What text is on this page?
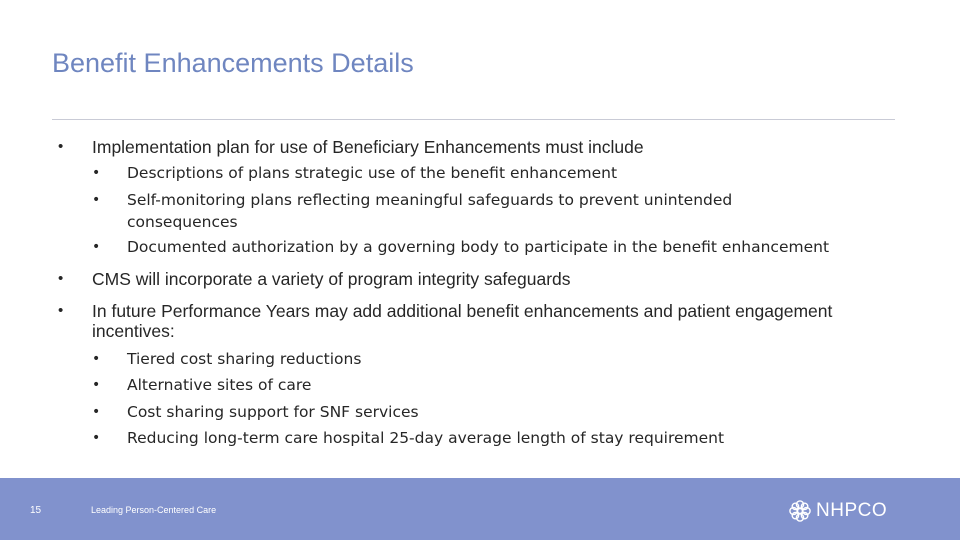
Benefit Enhancements Details
• Implementation plan for use of Beneficiary Enhancements must include
• Descriptions of plans strategic use of the benefit enhancement
• Self-monitoring plans reflecting meaningful safeguards to prevent unintended consequences
• Documented authorization by a governing body to participate in the benefit enhancement
• CMS will incorporate a variety of program integrity safeguards
• In future Performance Years may add additional benefit enhancements and patient engagement incentives:
• Tiered cost sharing reductions
• Alternative sites of care
• Cost sharing support for SNF services
• Reducing long-term care hospital 25-day average length of stay requirement
15	Leading Person-Centered Care	NHPCO
